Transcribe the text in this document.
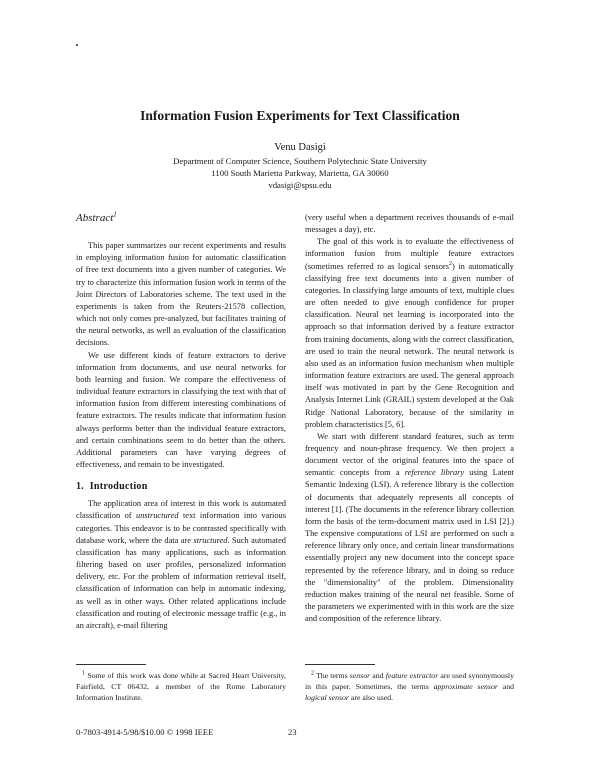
Information Fusion Experiments for Text Classification
Venu Dasigi
Department of Computer Science, Southern Polytechnic State University
1100 South Marietta Parkway, Marietta, GA 30060
vdasigi@spsu.edu
Abstract$^1$

This paper summarizes our recent experiments and results in employing information fusion for automatic classification of free text documents into a given number of categories. We try to characterize this information fusion work in terms of the Joint Directors of Laboratories scheme. The text used in the experiments is taken from the Reuters-21578 collection, which not only comes pre-analyzed, but facilitates training of the neural networks, as well as evaluation of the classification decisions.

We use different kinds of feature extractors to derive information from documents, and use neural networks for both learning and fusion. We compare the effectiveness of individual feature extractors in classifying the text with that of information fusion from different interesting combinations of feature extractors. The results indicate that information fusion always performs better than the individual feature extractors, and certain combinations seem to do better than the others. Additional parameters can have varying degrees of effectiveness, and remain to be investigated.

1. Introduction

The application area of interest in this work is automated classification of unstructured text information into various categories. This endeavor is to be contrasted specifically with database work, where the data are structured. Such automated classification has many applications, such as information filtering based on user profiles, personalized information delivery, etc. For the problem of information retrieval itself, classification of information can help in automatic indexing, as well as in other ways. Other related applications include classification and routing of electronic message traffic (e.g., in an aircraft), e-mail filtering

(very useful when a department receives thousands of e-mail messages a day), etc.

The goal of this work is to evaluate the effectiveness of information fusion from multiple feature extractors (sometimes referred to as logical sensors$^2$) in automatically classifying free text documents into a given number of categories. In classifying large amounts of text, multiple clues are often needed to give enough confidence for proper classification. Neural net learning is incorporated into the approach so that information derived by a feature extractor from training documents, along with the correct classification, are used to train the neural network. The neural network is also used as an information fusion mechanism when multiple information feature extractors are used. The general approach itself was motivated in part by the Gene Recognition and Analysis Internet Link (GRAIL) system developed at the Oak Ridge National Laboratory, because of the similarity in problem characteristics [5, 6].

We start with different standard features, such as term frequency and noun-phrase frequency. We then project a document vector of the original features into the space of semantic concepts from a reference library using Latent Semantic Indexing (LSI). A reference library is the collection of documents that adequately represents all concepts of interest [1]. (The documents in the reference library collection form the basis of the term-document matrix used in LSI [2].) The expensive computations of LSI are performed on such a reference library only once, and certain linear transformations essentially project any new document into the concept space represented by the reference library, and in doing so reduce the "dimensionality" of the problem. Dimensionality reduction makes training of the neural net feasible. Some of the parameters we experimented with in this work are the size and composition of the reference library.

$^1$ Some of this work was done while at Sacred Heart University, Fairfield, CT 06432, a member of the Rome Laboratory Information Institute.

$^2$ The terms sensor and feature extractor are used synonymously in this paper. Sometimes, the terms approximate sensor and logical sensor are also used.

0-7803-4914-5/98/$10.00 © 1998 IEEE	23
